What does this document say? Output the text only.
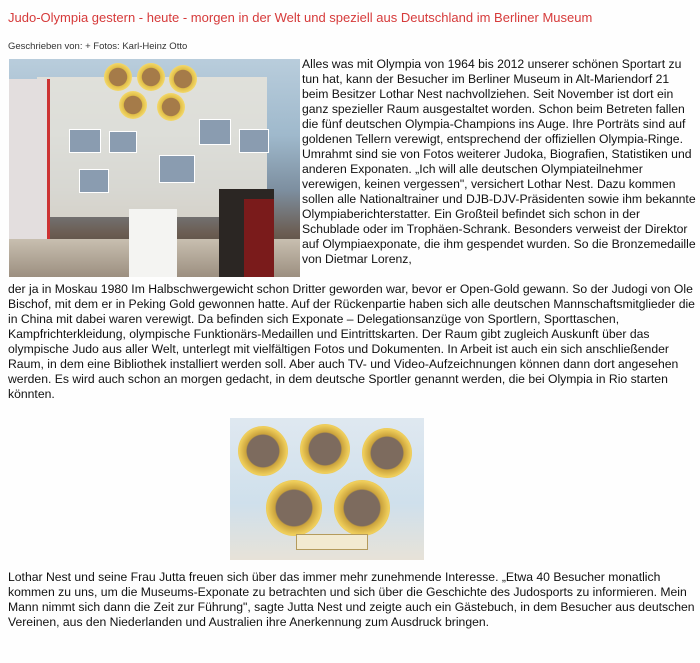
Judo-Olympia gestern - heute - morgen in der Welt und speziell aus Deutschland im Berliner Museum
Geschrieben von: + Fotos: Karl-Heinz Otto

Alles was mit Olympia von 1964 bis 2012 unserer schönen Sportart zu tun hat, kann der Besucher im Berliner Museum in Alt-Mariendorf 21 beim Besitzer Lothar Nest nachvollziehen. Seit November ist dort ein ganz spezieller Raum ausgestaltet worden. Schon beim Betreten fallen die fünf deutschen Olympia-Champions ins Auge. Ihre Porträts sind auf goldenen Tellern verewigt, entsprechend der offiziellen Olympia-Ringe. Umrahmt sind sie von Fotos weiterer Judoka, Biografien, Statistiken und anderen Exponaten. „Ich will alle deutschen Olympiateilnehmer verewigen, keinen vergessen", versichert Lothar Nest. Dazu kommen sollen alle Nationaltrainer und DJB-DJV-Präsidenten sowie ihm bekannte Olympiaberichterstatter. Ein Großteil befindet sich schon in der Schublade oder im Trophäen-Schrank. Besonders verweist der Direktor auf Olympiaexponate, die ihm gespendet wurden. So die Bronzemedaille von Dietmar Lorenz,

der ja in Moskau 1980 Im Halbschwergewicht schon Dritter geworden war, bevor er Open-Gold gewann. So der Judogi von Ole Bischof, mit dem er in Peking Gold gewonnen hatte. Auf der Rückenpartie haben sich alle deutschen Mannschaftsmitglieder die in China mit dabei waren verewigt. Da befinden sich Exponate – Delegationsanzüge von Sportlern, Sporttaschen, Kampfrichterkleidung, olympische Funktionärs-Medaillen und Eintrittskarten. Der Raum gibt zugleich Auskunft über das olympische Judo aus aller Welt, unterlegt mit vielfältigen Fotos und Dokumenten. In Arbeit ist auch ein sich anschließender Raum, in dem eine Bibliothek installiert werden soll. Aber auch TV- und Video-Aufzeichnungen können dann dort angesehen werden. Es wird auch schon an morgen gedacht, in dem deutsche Sportler genannt werden, die bei Olympia in Rio starten könnten.

Lothar Nest und seine Frau Jutta freuen sich über das immer mehr zunehmende Interesse. „Etwa 40 Besucher monatlich kommen zu uns, um die Museums-Exponate zu betrachten und sich über die Geschichte des Judosports zu informieren. Mein Mann nimmt sich dann die Zeit zur Führung", sagte Jutta Nest und zeigte auch ein Gästebuch, in dem Besucher aus deutschen Vereinen, aus den Niederlanden und Australien ihre Anerkennung zum Ausdruck bringen.
